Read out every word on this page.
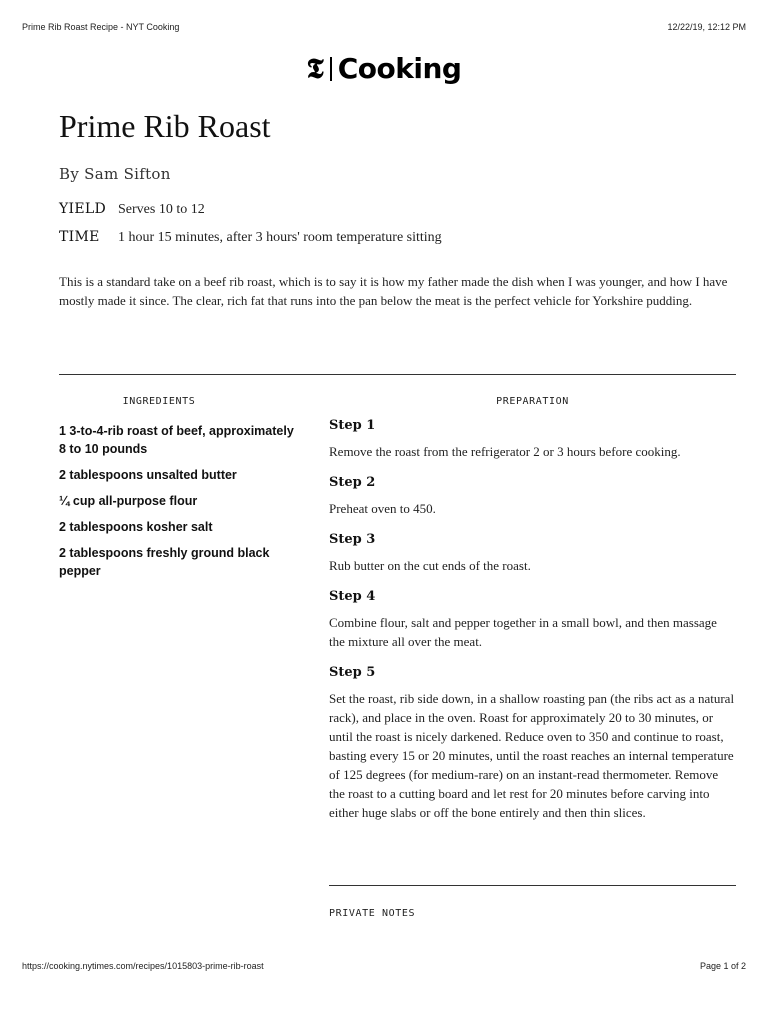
Prime Rib Roast Recipe - NYT Cooking	12/22/19, 12:12 PM
𝕿 Cooking
Prime Rib Roast
By Sam Sifton
YIELD Serves 10 to 12
TIME	1 hour 15 minutes, after 3 hours' room temperature sitting

This is a standard take on a beef rib roast, which is to say it is how my father made the dish when I was younger, and how I have mostly made it since. The clear, rich fat that runs into the pan below the meat is the perfect vehicle for Yorkshire pudding.

INGREDIENTS	PREPARATION
1 3-to-4-rib roast of beef, approximately 8 to 10 pounds
2 tablespoons unsalted butter
¼ cup all-purpose flour
2 tablespoons kosher salt
2 tablespoons freshly ground black pepper
Step 1

Remove the roast from the refrigerator 2 or 3 hours before cooking.

Step 2

Preheat oven to 450.

Step 3

Rub butter on the cut ends of the roast.

Step 4

Combine flour, salt and pepper together in a small bowl, and then massage the mixture all over the meat.

Step 5

Set the roast, rib side down, in a shallow roasting pan (the ribs act as a natural rack), and place in the oven. Roast for approximately 20 to 30 minutes, or until the roast is nicely darkened. Reduce oven to 350 and continue to roast, basting every 15 or 20 minutes, until the roast reaches an internal temperature of 125 degrees (for medium-rare) on an instant-read thermometer. Remove the roast to a cutting board and let rest for 20 minutes before carving into either huge slabs or off the bone entirely and then thin slices.

PRIVATE NOTES
https://cooking.nytimes.com/recipes/1015803-prime-rib-roast	Page 1 of 2
